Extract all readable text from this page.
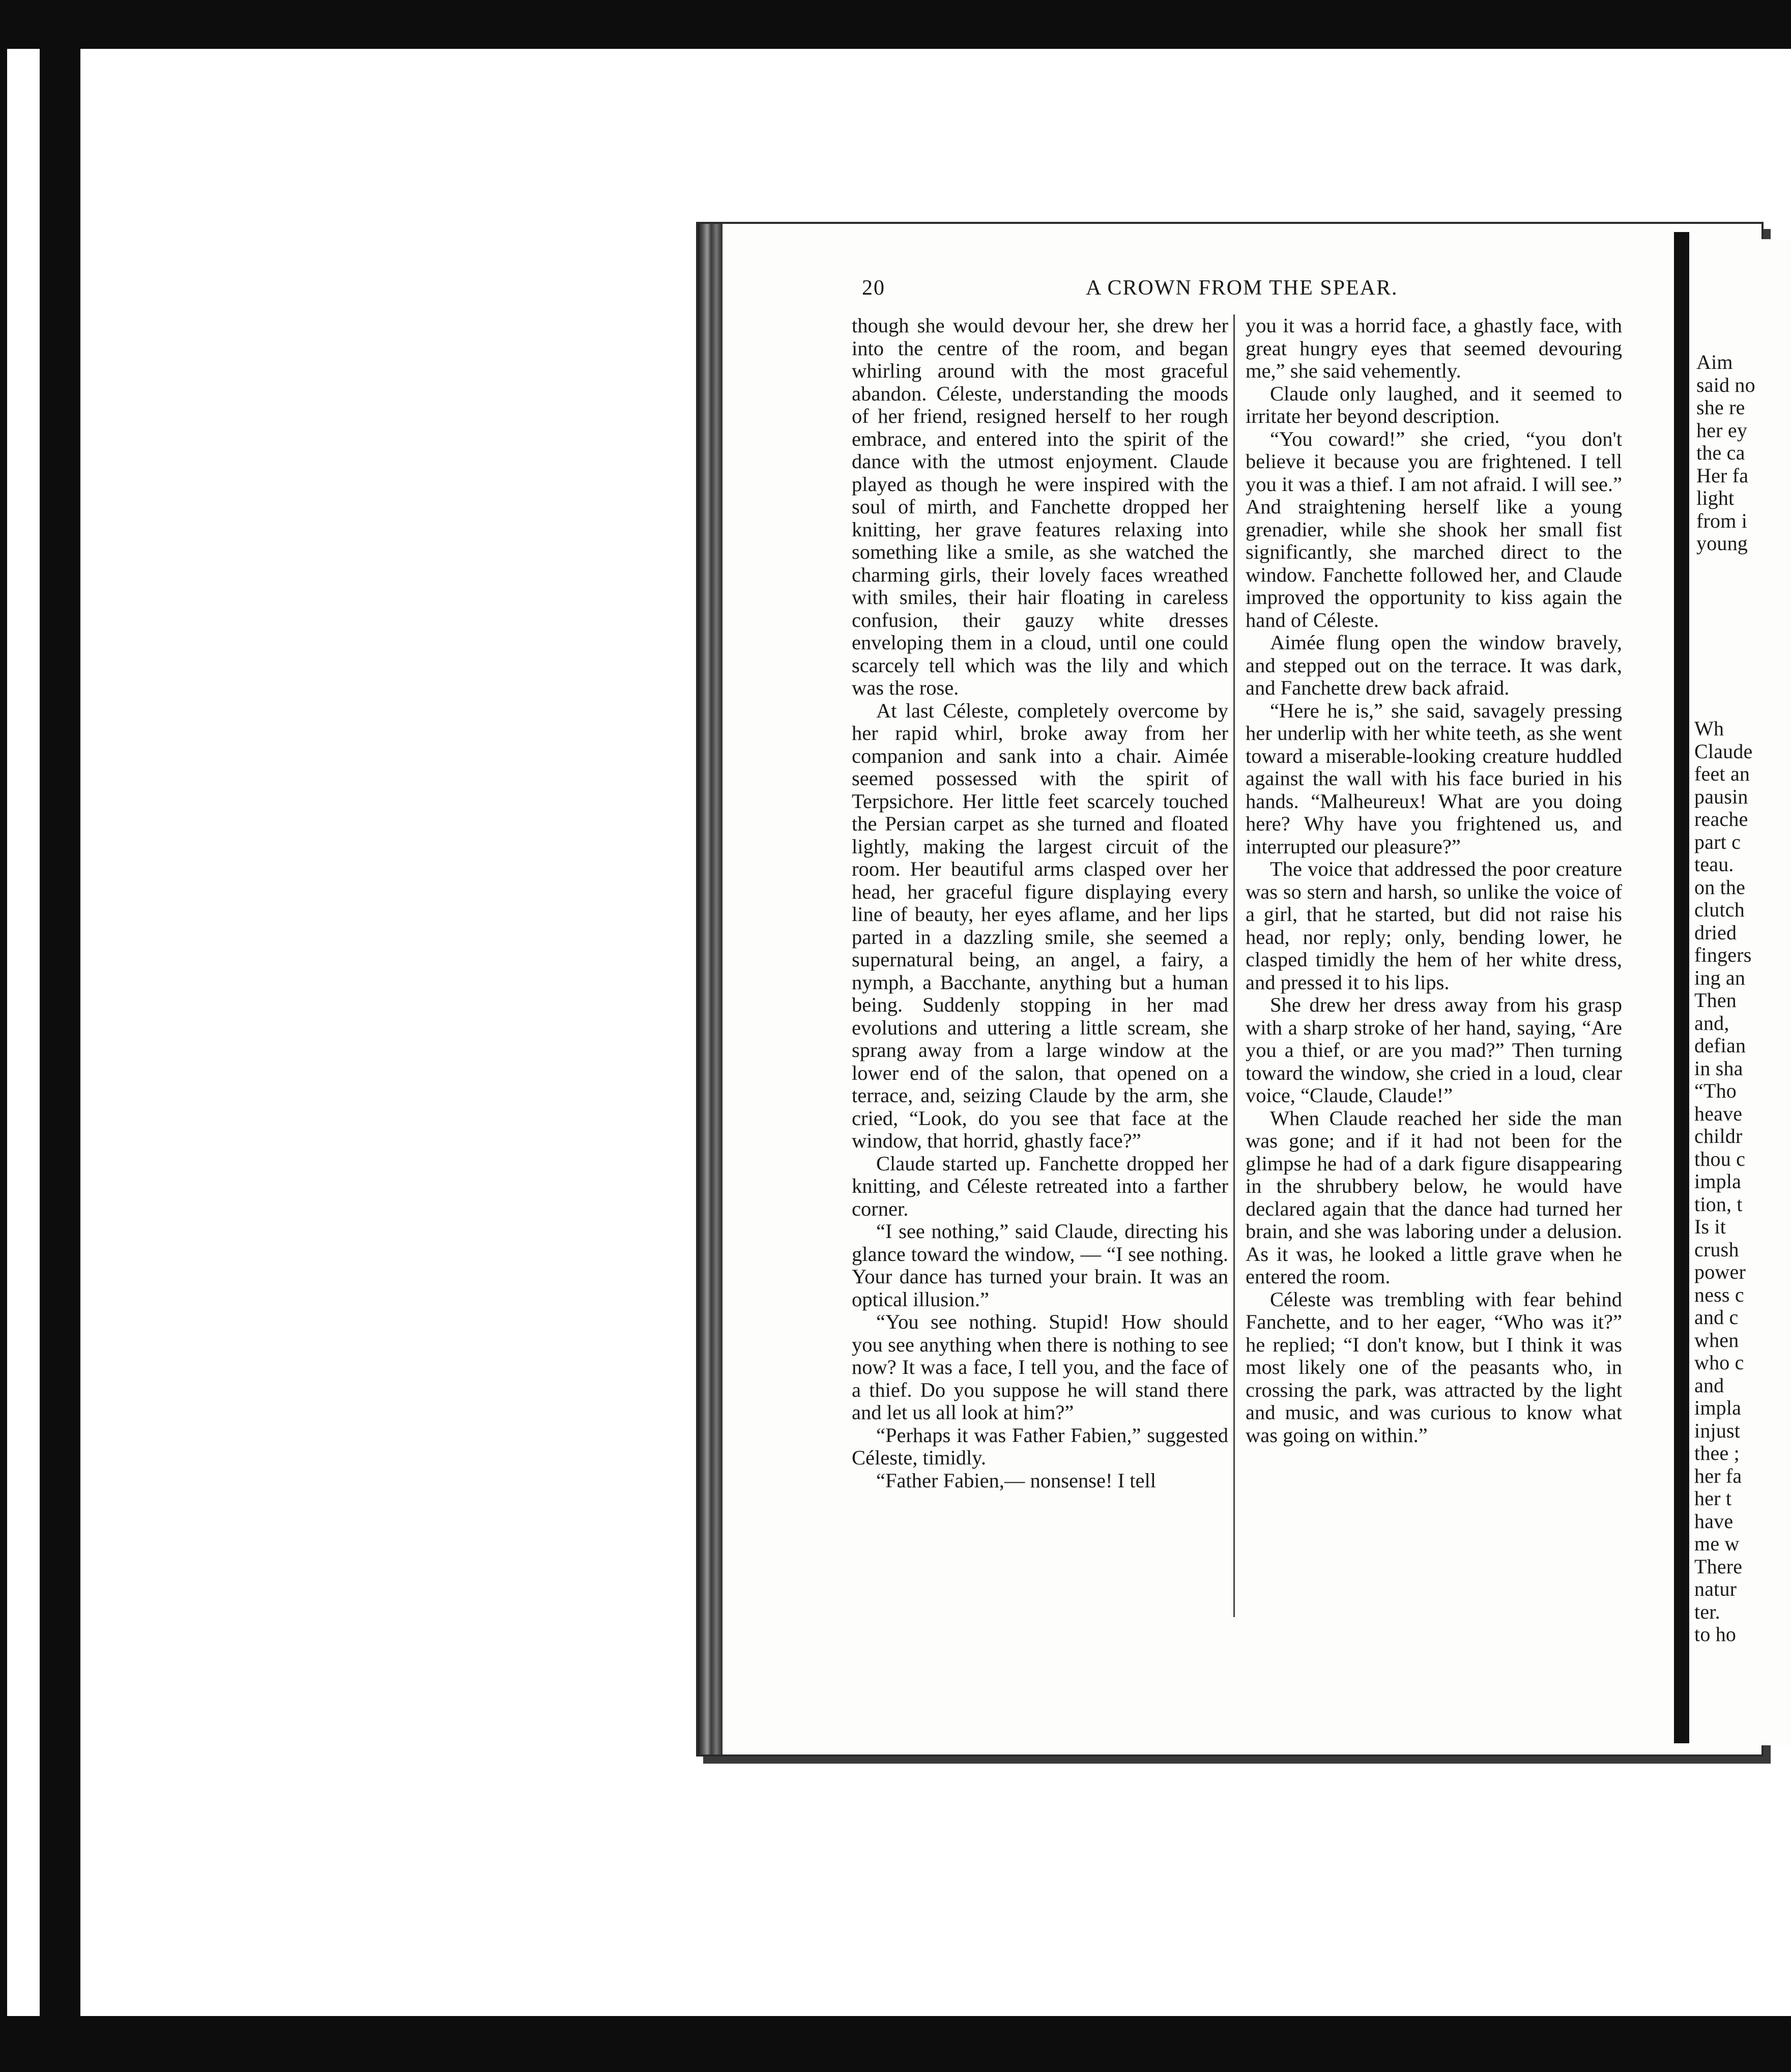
20	A CROWN FROM THE SPEAR.

though she would devour her, she drew her into the centre of the room, and began whirling around with the most graceful abandon. Céleste, understanding the moods of her friend, resigned herself to her rough embrace, and entered into the spirit of the dance with the utmost enjoyment. Claude played as though he were inspired with the soul of mirth, and Fanchette dropped her knitting, her grave features relaxing into something like a smile, as she watched the charming girls, their lovely faces wreathed with smiles, their hair floating in careless confusion, their gauzy white dresses enveloping them in a cloud, until one could scarcely tell which was the lily and which was the rose.

At last Céleste, completely overcome by her rapid whirl, broke away from her companion and sank into a chair. Aimée seemed possessed with the spirit of Terpsichore. Her little feet scarcely touched the Persian carpet as she turned and floated lightly, making the largest circuit of the room. Her beautiful arms clasped over her head, her graceful figure displaying every line of beauty, her eyes aflame, and her lips parted in a dazzling smile, she seemed a supernatural being, an angel, a fairy, a nymph, a Bacchante, anything but a human being. Suddenly stopping in her mad evolutions and uttering a little scream, she sprang away from a large window at the lower end of the salon, that opened on a terrace, and, seizing Claude by the arm, she cried, “Look, do you see that face at the window, that horrid, ghastly face?”

Claude started up. Fanchette dropped her knitting, and Céleste retreated into a farther corner.

“I see nothing,” said Claude, directing his glance toward the window, — “I see nothing. Your dance has turned your brain. It was an optical illusion.”

“You see nothing. Stupid! How should you see anything when there is nothing to see now? It was a face, I tell you, and the face of a thief. Do you suppose he will stand there and let us all look at him?”

“Perhaps it was Father Fabien,” suggested Céleste, timidly.

“Father Fabien,— nonsense! I tell

you it was a horrid face, a ghastly face, with great hungry eyes that seemed devouring me,” she said vehemently.

Claude only laughed, and it seemed to irritate her beyond description.

“You coward!” she cried, “you don't believe it because you are frightened. I tell you it was a thief. I am not afraid. I will see.” And straightening herself like a young grenadier, while she shook her small fist significantly, she marched direct to the window. Fanchette followed her, and Claude improved the opportunity to kiss again the hand of Céleste.

Aimée flung open the window bravely, and stepped out on the terrace. It was dark, and Fanchette drew back afraid.

“Here he is,” she said, savagely pressing her underlip with her white teeth, as she went toward a miserable-looking creature huddled against the wall with his face buried in his hands. “Malheureux! What are you doing here? Why have you frightened us, and interrupted our pleasure?”

The voice that addressed the poor creature was so stern and harsh, so unlike the voice of a girl, that he started, but did not raise his head, nor reply; only, bending lower, he clasped timidly the hem of her white dress, and pressed it to his lips.

She drew her dress away from his grasp with a sharp stroke of her hand, saying, “Are you a thief, or are you mad?” Then turning toward the window, she cried in a loud, clear voice, “Claude, Claude!”

When Claude reached her side the man was gone; and if it had not been for the glimpse he had of a dark figure disappearing in the shrubbery below, he would have declared again that the dance had turned her brain, and she was laboring under a delusion. As it was, he looked a little grave when he entered the room.

Céleste was trembling with fear behind Fanchette, and to her eager, “Who was it?” he replied; “I don't know, but I think it was most likely one of the peasants who, in crossing the park, was attracted by the light and music, and was curious to know what was going on within.”

Aim
said no
she re
her ey
the ca
Her fa
light
from i
young
Wh
Claude
feet an
pausin
reache
part c
teau.
on the
clutch
dried
fingers
ing an
Then
and,
defian
in sha
“Tho
heave
childr
thou c
impla
tion, t
Is it
crush
power
ness c
and c
when
who c
and
impla
injust
thee ;
her fa
her t
have
me w
There
natur
ter.
to ho
